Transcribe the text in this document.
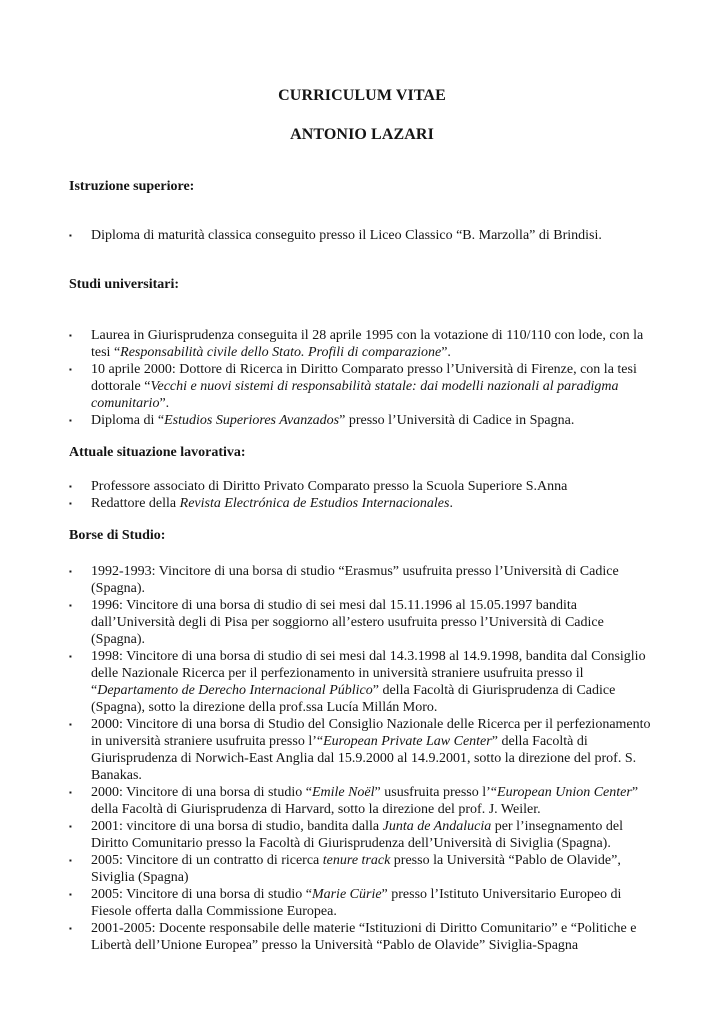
CURRICULUM VITAE
ANTONIO LAZARI
Istruzione superiore:
▪ Diploma di maturità classica conseguito presso il Liceo Classico “B. Marzolla” di Brindisi.
Studi universitari:
▪ Laurea in Giurisprudenza conseguita il 28 aprile 1995 con la votazione di 110/110 con lode, con la tesi “Responsabilità civile dello Stato. Profili di comparazione”.
▪ 10 aprile 2000: Dottore di Ricerca in Diritto Comparato presso l’Università di Firenze, con la tesi dottorale “Vecchi e nuovi sistemi di responsabilità statale: dai modelli nazionali al paradigma comunitario”.
▪ Diploma di “Estudios Superiores Avanzados” presso l’Università di Cadice in Spagna.
Attuale situazione lavorativa:
▪ Professore associato di Diritto Privato Comparato presso la Scuola Superiore S.Anna
▪ Redattore della Revista Electrónica de Estudios Internacionales.
Borse di Studio:
▪ 1992-1993: Vincitore di una borsa di studio “Erasmus” usufruita presso l’Università di Cadice (Spagna).
▪ 1996: Vincitore di una borsa di studio di sei mesi dal 15.11.1996 al 15.05.1997 bandita dall’Università degli di Pisa per soggiorno all’estero usufruita presso l’Università di Cadice (Spagna).
▪ 1998: Vincitore di una borsa di studio di sei mesi dal 14.3.1998 al 14.9.1998, bandita dal Consiglio delle Nazionale Ricerca per il perfezionamento in università straniere usufruita presso il “Departamento de Derecho Internacional Público” della Facoltà di Giurisprudenza di Cadice (Spagna), sotto la direzione della prof.ssa Lucía Millán Moro.
▪ 2000: Vincitore di una borsa di Studio del Consiglio Nazionale delle Ricerca per il perfezionamento in università straniere usufruita presso l’“European Private Law Center” della Facoltà di Giurisprudenza di Norwich-East Anglia dal 15.9.2000 al 14.9.2001, sotto la direzione del prof. S. Banakas.
▪ 2000: Vincitore di una borsa di studio “Emile Noël” ususfruita presso l’“European Union Center” della Facoltà di Giurisprudenza di Harvard, sotto la direzione del prof. J. Weiler.
▪ 2001: vincitore di una borsa di studio, bandita dalla Junta de Andalucia per l’insegnamento del Diritto Comunitario presso la Facoltà di Giurisprudenza dell’Università di Siviglia (Spagna).
▪ 2005: Vincitore di un contratto di ricerca tenure track presso la Università “Pablo de Olavide”, Siviglia (Spagna)
▪ 2005: Vincitore di una borsa di studio “Marie Cürie” presso l’Istituto Universitario Europeo di Fiesole offerta dalla Commissione Europea.
▪ 2001-2005: Docente responsabile delle materie “Istituzioni di Diritto Comunitario” e “Politiche e Libertà dell’Unione Europea” presso la Università “Pablo de Olavide” Siviglia-Spagna
